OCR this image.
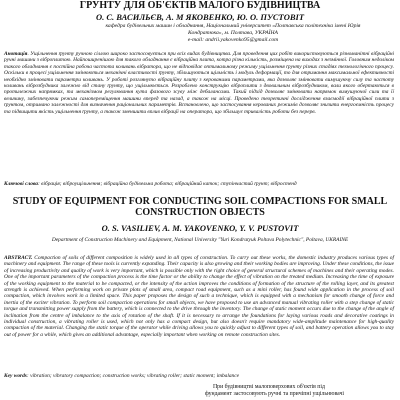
ГРУНТУ ДЛЯ ОБ'ЄКТІВ МАЛОГО БУДІВНИЦТВА
О. С. ВАСИЛЬЄВ, А. М ЯКОВЕНКО, Ю. О. ПУСТОВІТ
кафедра будівельних машин і обладнання, Національний університет «Полтавська політехніка імені Юрія Кондратюка», м. Полтава, УКРАЇНА
e-mail: andrii.yakovenko95@gmail.com
Анотація. Ущільнення ґрунту ручною сіллою широко застосовується при всіх видах будівництва. Для проведення цих робіт використовуються різноманітні вібраційні ручні машини з віброплитою. Найпоширенішою для такого обладнання є вібраційна плита, котра різна кількість, розміщена на виходах з незмінної. Головним недоліком такого обладнання є постійна робоча частота коливань вібратора, що не відповідає оптимальному режиму ущільнення ґрунту різних стадіях технологічного процесу. Оскільки в процесі ущільнення змінюються механічні властивості ґрунту, збільшуються щільність і модуль деформації, то для отримання максимальної ефективності необхідно змінювати параметри коливань. У роботі розглянуто вібраційну плиту з керованими параметрами, яка дозволяє змінювати вимушуючу силу та частоту коливань віброзбудника залежно від стану ґрунту, що ущільнюється. Розроблено конструкцію віброплити з двовальним віброзбудником, вали якого обертаються в протилежних напрямках, та механізмом регулювання кута фазового зсуву між дебалансами. Такий підхід дозволяє змінювати напрямок вимушуючої сили та її величину, забезпечуючи режим самопереміщення машини вперед та назад, а також на місці. Проведено теоретичні дослідження взаємодії вібраційної плити з ґрунтом, отримано залежності для визначення раціональних параметрів. Встановлено, що застосування керованих режимів дозволяє знизити енергоємність процесу та підвищити якість ущільнення ґрунту, а також зменшити вплив вібрації на оператора, що збільшує тривалість роботи без перерв.
Ключові слова: вібрація; віброущільнення; вібраційна будівельна робота; вібраційний каток; ступінчастий ґрунт; вібростенд
STUDY OF EQUIPMENT FOR CONDUCTING SOIL COMPACTIONS FOR SMALL
CONSTRUCTION OBJECTS
O. S. VASILIEV, A. M. YAKOVENKO, Y. V. PUSTOVIT
Department of Construction Machinery and Equipment, National University "Yuri Kondratyuk Poltava Polytechnic", Poltava, UKRAINE
ABSTRACT. Compaction of soils of different composition is widely used in all types of construction. To carry out these works, the domestic industry produces various types of machinery and equipment. The range of these tools is currently expanding. Their capacity is also growing and their working bodies are improving. Under these conditions, the issue of increasing productivity and quality of work is very important, which is possible only with the right choice of general structural schemes of machines and their operating modes. One of the important parameters of the compaction process is the time factor or the ability to change the effect of vibration on the treated medium. Increasing the time of exposure of the working equipment to the material to be compacted, or the intensity of the action improves the conditions of formation of the structure of the rolling layer, and its greatest strength is achieved. When performing work on private plots of small area, compact road equipment, such as a mini roller, has found wide application in the process of soil compaction, which involves work in a limited space. This paper proposes the design of such a technique, which is equipped with a mechanism for smooth change of force and inertia of the exciter vibration. To perform soil compaction operations for small objects, we have proposed to use an advanced manual vibrating roller with a step change of static torque and transmitting power supply from the battery, which is connected to the drive through the inventory. The change of static moment occurs due to the change of the angle of inclination from the centre of imbalance to the axis of rotation of the shaft. If it is necessary to arrange the foundations for laying various roads and decorative coatings in individual construction, a vibrating roller is used, which not only has a compact design, but also doesn't require mandatory wide-amplitude maintenance for high-quality compaction of the material. Changing the static torque of the operator while driving allows you to quickly adjust to different types of soil, and battery operation allows you to stay out of power for a while, which gives an additional advantage, especially important when working on remote construction sites.
Key words: vibration; vibratory compaction; construction works; vibrating roller; static moment; imbalance
При будівництві малоповерхових об'єктів під
фундамент застосовують ручні та причіпні ущільнювачі
